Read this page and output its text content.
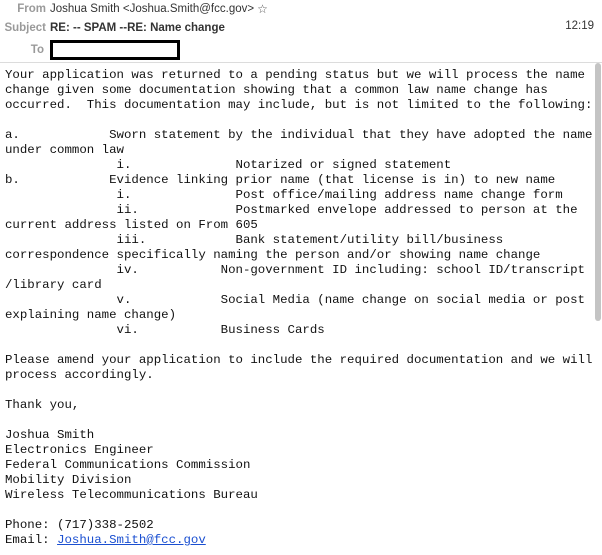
From Joshua Smith <Joshua.Smith@fcc.gov> ☆
Subject RE: -- SPAM --RE: Name change	12:19
To
Your application was returned to a pending status but we will process the name
change given some documentation showing that a common law name change has
occurred.  This documentation may include, but is not limited to the following:
a.            Sworn statement by the individual that they have adopted the name
under common law
i.              Notarized or signed statement
b.            Evidence linking prior name (that license is in) to new name
i.              Post office/mailing address name change form
ii.             Postmarked envelope addressed to person at the
current address listed on From 605
iii.            Bank statement/utility bill/business
correspondence specifically naming the person and/or showing name change
iv.           Non-government ID including: school ID/transcript
/library card
v.            Social Media (name change on social media or post
explaining name change)
vi.           Business Cards
Please amend your application to include the required documentation and we will
process accordingly.
Thank you,
Joshua Smith
Electronics Engineer
Federal Communications Commission
Mobility Division
Wireless Telecommunications Bureau
Phone: (717)338-2502
Email: Joshua.Smith@fcc.gov
